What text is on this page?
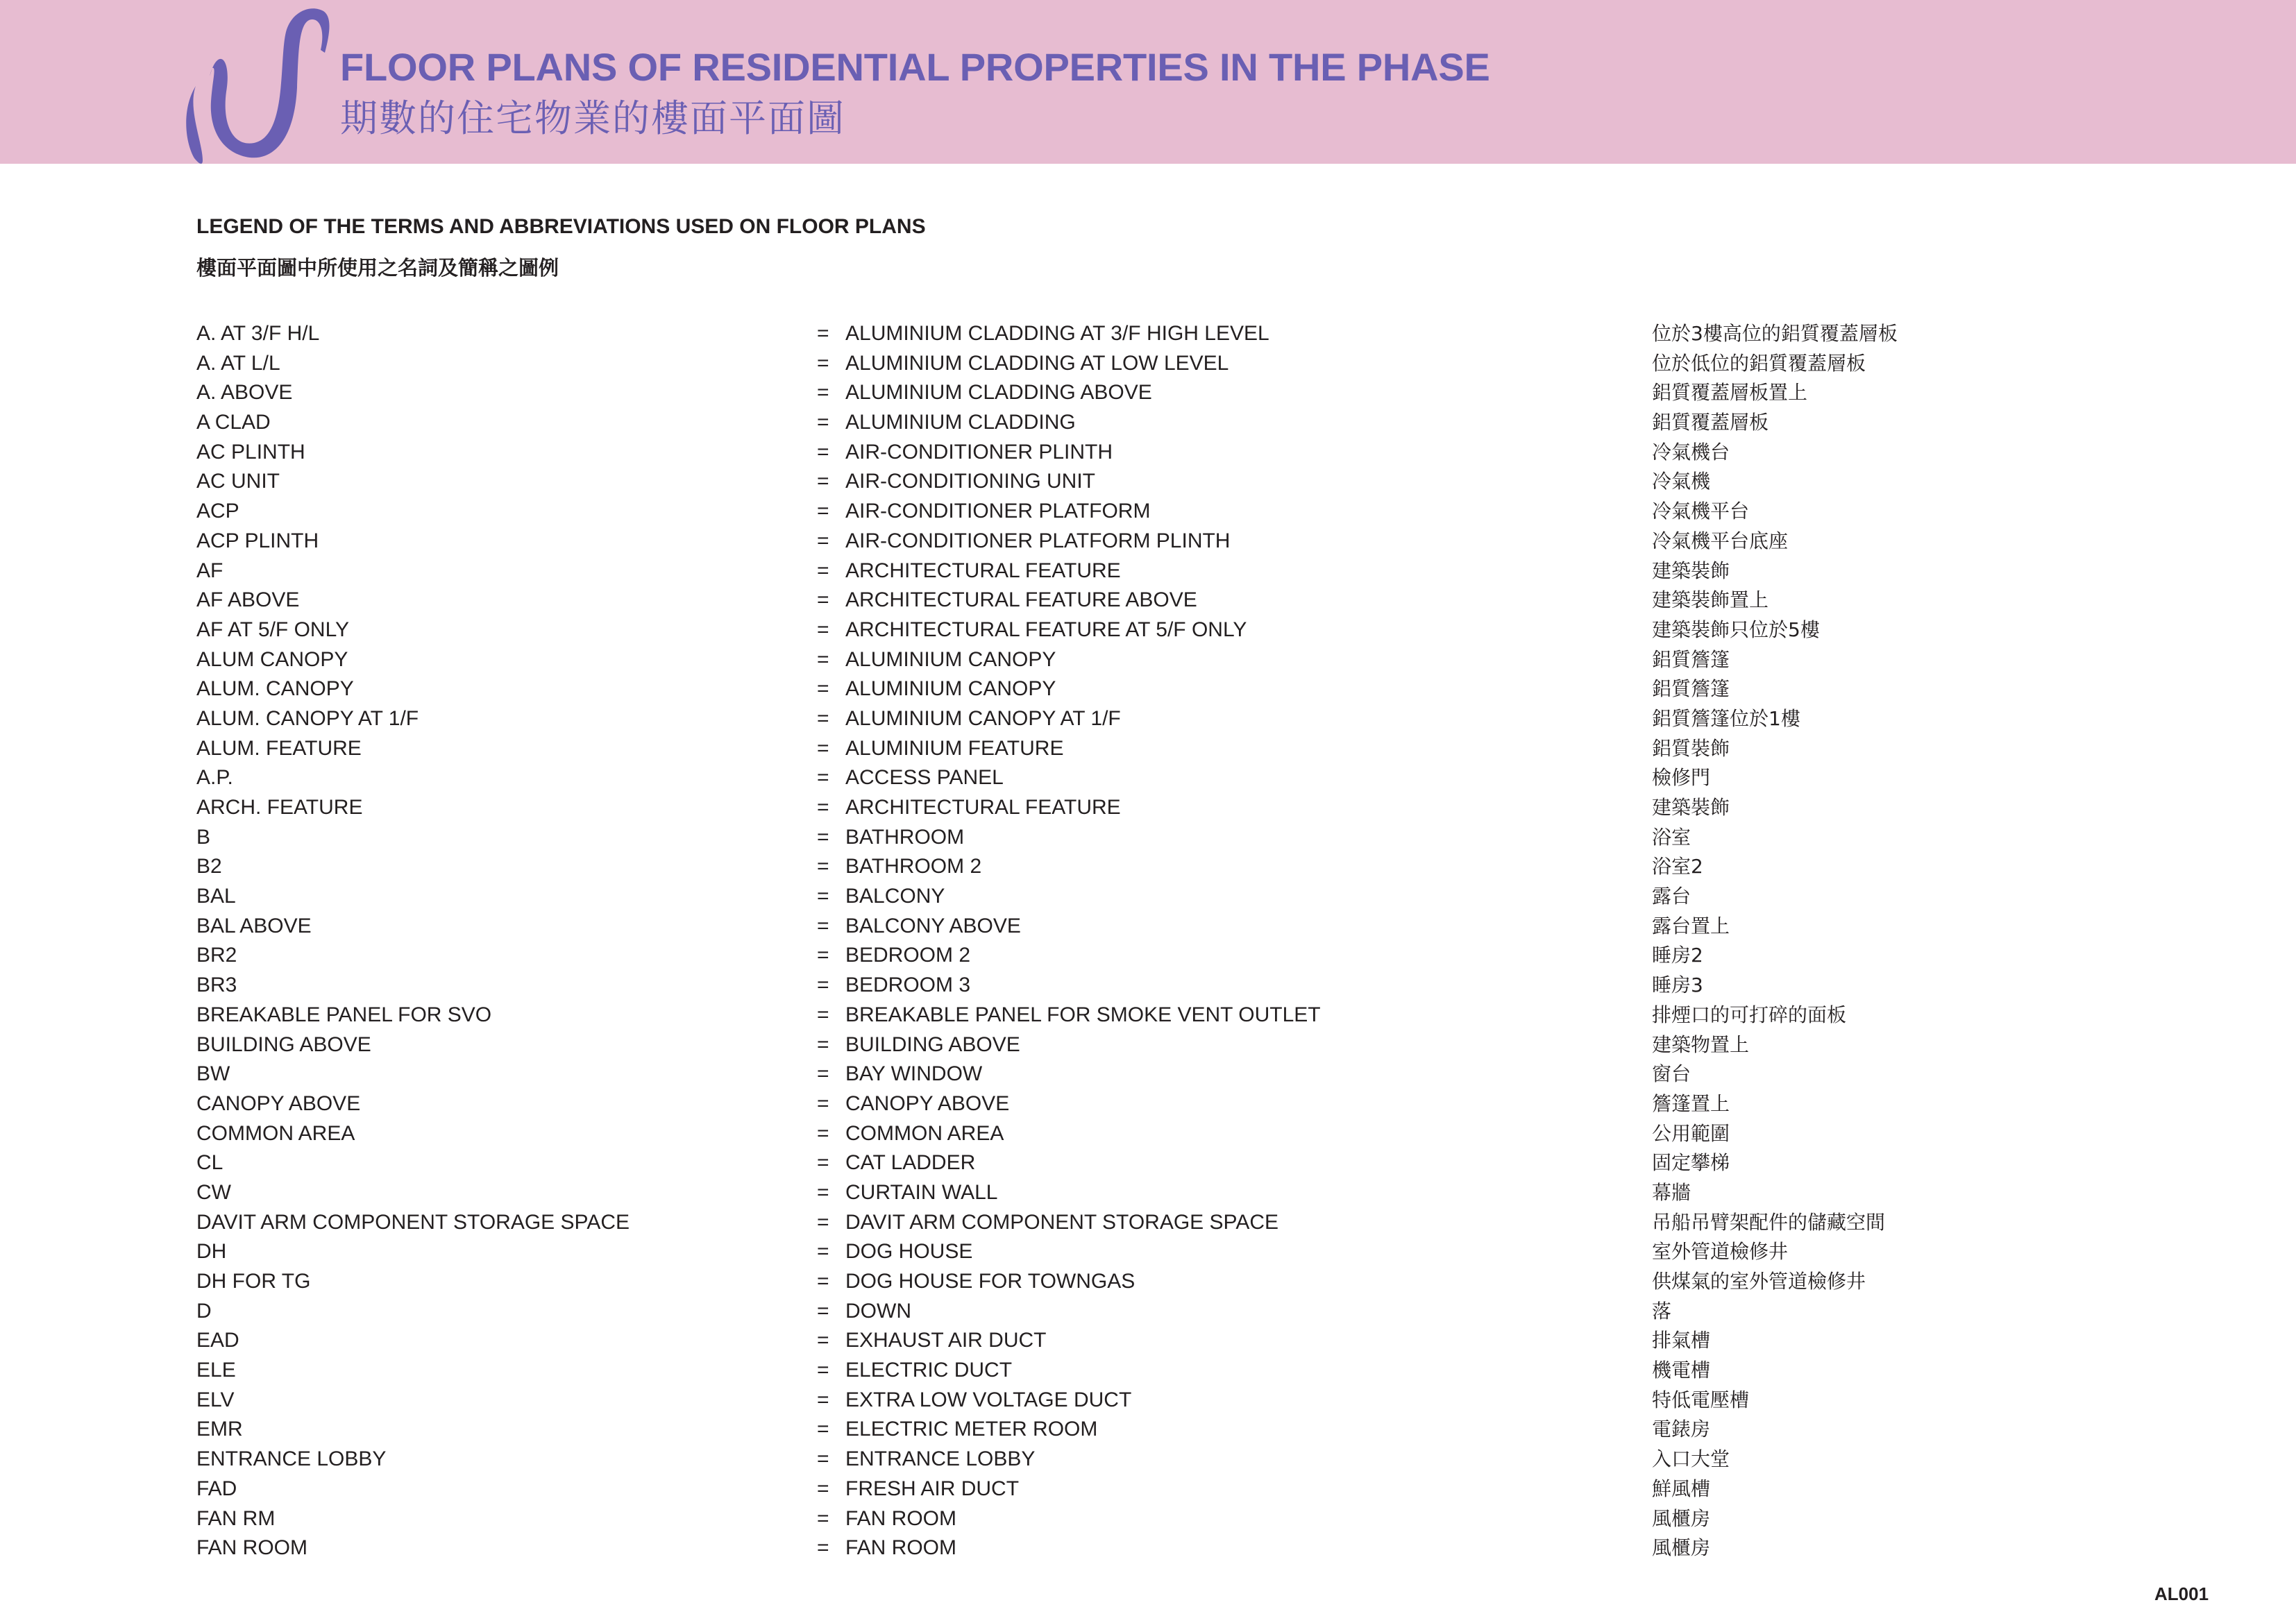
FLOOR PLANS OF RESIDENTIAL PROPERTIES IN THE PHASE
期數的住宅物業的樓面平面圖
LEGEND OF THE TERMS AND ABBREVIATIONS USED ON FLOOR PLANS
樓面平面圖中所使用之名詞及簡稱之圖例
A. AT 3/F H/L	= ALUMINIUM CLADDING AT 3/F HIGH LEVEL	位於3樓高位的鋁質覆蓋層板
A. AT L/L	= ALUMINIUM CLADDING AT LOW LEVEL	位於低位的鋁質覆蓋層板
A. ABOVE	= ALUMINIUM CLADDING ABOVE	鋁質覆蓋層板置上
A CLAD	= ALUMINIUM CLADDING	鋁質覆蓋層板
AC PLINTH	= AIR-CONDITIONER PLINTH	冷氣機台
AC UNIT	= AIR-CONDITIONING UNIT	冷氣機
ACP	= AIR-CONDITIONER PLATFORM	冷氣機平台
ACP PLINTH	= AIR-CONDITIONER PLATFORM PLINTH	冷氣機平台底座
AF	= ARCHITECTURAL FEATURE	建築裝飾
AF ABOVE	= ARCHITECTURAL FEATURE ABOVE	建築裝飾置上
AF AT 5/F ONLY	= ARCHITECTURAL FEATURE AT 5/F ONLY	建築裝飾只位於5樓
ALUM CANOPY	= ALUMINIUM CANOPY	鋁質簷篷
ALUM. CANOPY	= ALUMINIUM CANOPY	鋁質簷篷
ALUM. CANOPY AT 1/F	= ALUMINIUM CANOPY AT 1/F	鋁質簷篷位於1樓
ALUM. FEATURE	= ALUMINIUM FEATURE	鋁質裝飾
A.P.	= ACCESS PANEL	檢修門
ARCH. FEATURE	= ARCHITECTURAL FEATURE	建築裝飾
B	= BATHROOM	浴室
B2	= BATHROOM 2	浴室2
BAL	= BALCONY	露台
BAL ABOVE	= BALCONY ABOVE	露台置上
BR2	= BEDROOM 2	睡房2
BR3	= BEDROOM 3	睡房3
BREAKABLE PANEL FOR SVO	= BREAKABLE PANEL FOR SMOKE VENT OUTLET	排煙口的可打碎的面板
BUILDING ABOVE	= BUILDING ABOVE	建築物置上
BW	= BAY WINDOW	窗台
CANOPY ABOVE	= CANOPY ABOVE	簷篷置上
COMMON AREA	= COMMON AREA	公用範圍
CL	= CAT LADDER	固定攀梯
CW	= CURTAIN WALL	幕牆
DAVIT ARM COMPONENT STORAGE SPACE	= DAVIT ARM COMPONENT STORAGE SPACE	吊船吊臂架配件的儲藏空間
DH	= DOG HOUSE	室外管道檢修井
DH FOR TG	= DOG HOUSE FOR TOWNGAS	供煤氣的室外管道檢修井
D	= DOWN	落
EAD	= EXHAUST AIR DUCT	排氣槽
ELE	= ELECTRIC DUCT	機電槽
ELV	= EXTRA LOW VOLTAGE DUCT	特低電壓槽
EMR	= ELECTRIC METER ROOM	電錶房
ENTRANCE LOBBY	= ENTRANCE LOBBY	入口大堂
FAD	= FRESH AIR DUCT	鮮風槽
FAN RM	= FAN ROOM	風櫃房
FAN ROOM	= FAN ROOM	風櫃房
AL001
